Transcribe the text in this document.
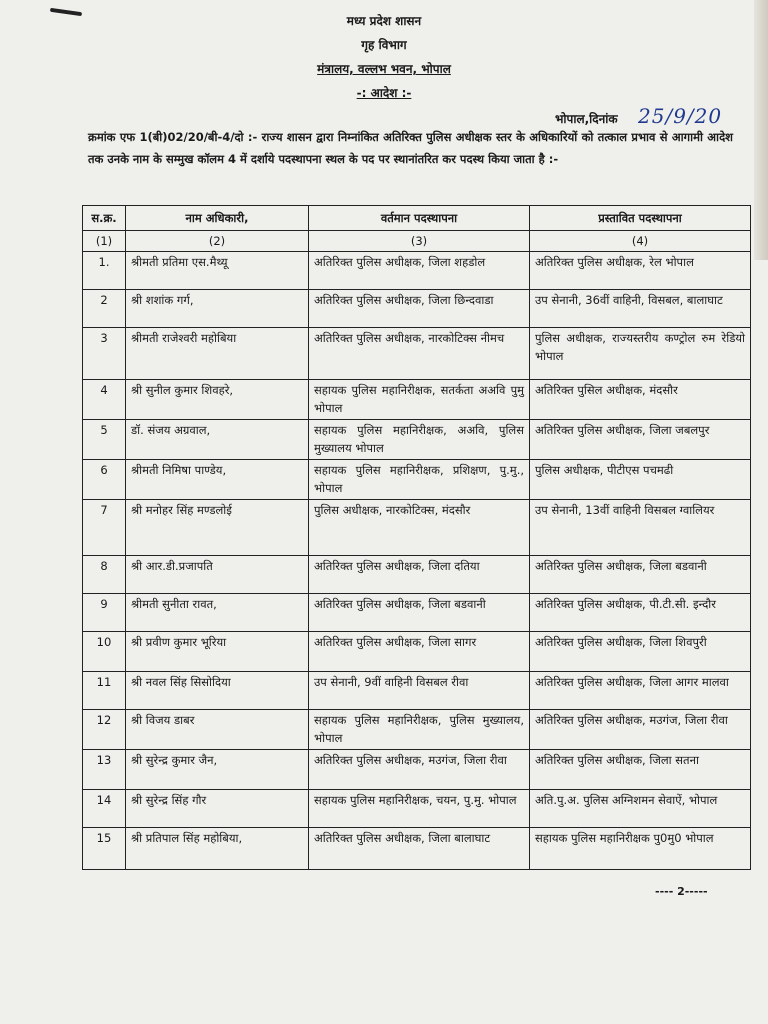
मध्य प्रदेश शासन
गृह विभाग
मंत्रालय, वल्लभ भवन, भोपाल
-: आदेश :-
भोपाल,दिनांक 25/9/20
क्रमांक एफ 1(बी)02/20/बी-4/दो :- राज्य शासन द्वारा निम्नांकित अतिरिक्त पुलिस अधीक्षक स्तर के अधिकारियों को तत्काल प्रभाव से आगामी आदेश तक उनके नाम के सम्मुख कॉलम 4 में दर्शाये पदस्थापना स्थल के पद पर स्थानांतरित कर पदस्थ किया जाता है :-
स.क्र.	नाम अधिकारी,	वर्तमान पदस्थापना	प्रस्तावित पदस्थापना
(1)	(2)	(3)	(4)
1.	श्रीमती प्रतिमा एस.मैथ्यू	अतिरिक्त पुलिस अधीक्षक, जिला शहडोल	अतिरिक्त पुलिस अधीक्षक, रेल भोपाल
2	श्री शशांक गर्ग,	अतिरिक्त पुलिस अधीक्षक, जिला छिन्दवाडा	उप सेनानी, 36वीं वाहिनी, विसबल, बालाघाट
3	श्रीमती राजेश्वरी महोबिया	अतिरिक्त पुलिस अधीक्षक, नारकोटिक्स नीमच	पुलिस अधीक्षक, राज्यस्तरीय कण्ट्रोल रुम रेडियो भोपाल
4	श्री सुनील कुमार शिवहरे,	सहायक पुलिस महानिरीक्षक, सतर्कता अअवि पुमु भोपाल	अतिरिक्त पुसिल अधीक्षक, मंदसौर
5	डॉ. संजय अग्रवाल,	सहायक पुलिस महानिरीक्षक, अअवि, पुलिस मुख्यालय भोपाल	अतिरिक्त पुलिस अधीक्षक, जिला जबलपुर
6	श्रीमती निमिषा पाण्डेय,	सहायक पुलिस महानिरीक्षक, प्रशिक्षण, पु.मु., भोपाल	पुलिस अधीक्षक, पीटीएस पचमढी
7	श्री मनोहर सिंह मण्डलोई	पुलिस अधीक्षक, नारकोटिक्स, मंदसौर	उप सेनानी, 13वीं वाहिनी विसबल ग्वालियर
8	श्री आर.डी.प्रजापति	अतिरिक्त पुलिस अधीक्षक, जिला दतिया	अतिरिक्त पुलिस अधीक्षक, जिला बडवानी
9	श्रीमती सुनीता रावत,	अतिरिक्त पुलिस अधीक्षक, जिला बडवानी	अतिरिक्त पुलिस अधीक्षक, पी.टी.सी. इन्दौर
10	श्री प्रवीण कुमार भूरिया	अतिरिक्त पुलिस अधीक्षक, जिला सागर	अतिरिक्त पुलिस अधीक्षक, जिला शिवपुरी
11	श्री नवल सिंह सिसोदिया	उप सेनानी, 9वीं वाहिनी विसबल रीवा	अतिरिक्त पुलिस अधीक्षक, जिला आगर मालवा
12	श्री विजय डाबर	सहायक पुलिस महानिरीक्षक, पुलिस मुख्यालय, भोपाल	अतिरिक्त पुलिस अधीक्षक, मउगंज, जिला रीवा
13	श्री सुरेन्द्र कुमार जैन,	अतिरिक्त पुलिस अधीक्षक, मउगंज, जिला रीवा	अतिरिक्त पुलिस अधीक्षक, जिला सतना
14	श्री सुरेन्द्र सिंह गौर	सहायक पुलिस महानिरीक्षक, चयन, पु.मु. भोपाल	अति.पु.अ. पुलिस अग्निशमन सेवाऐं, भोपाल
15	श्री प्रतिपाल सिंह महोबिया,	अतिरिक्त पुलिस अधीक्षक, जिला बालाघाट	सहायक पुलिस महानिरीक्षक पु0मु0 भोपाल
---- 2-----
